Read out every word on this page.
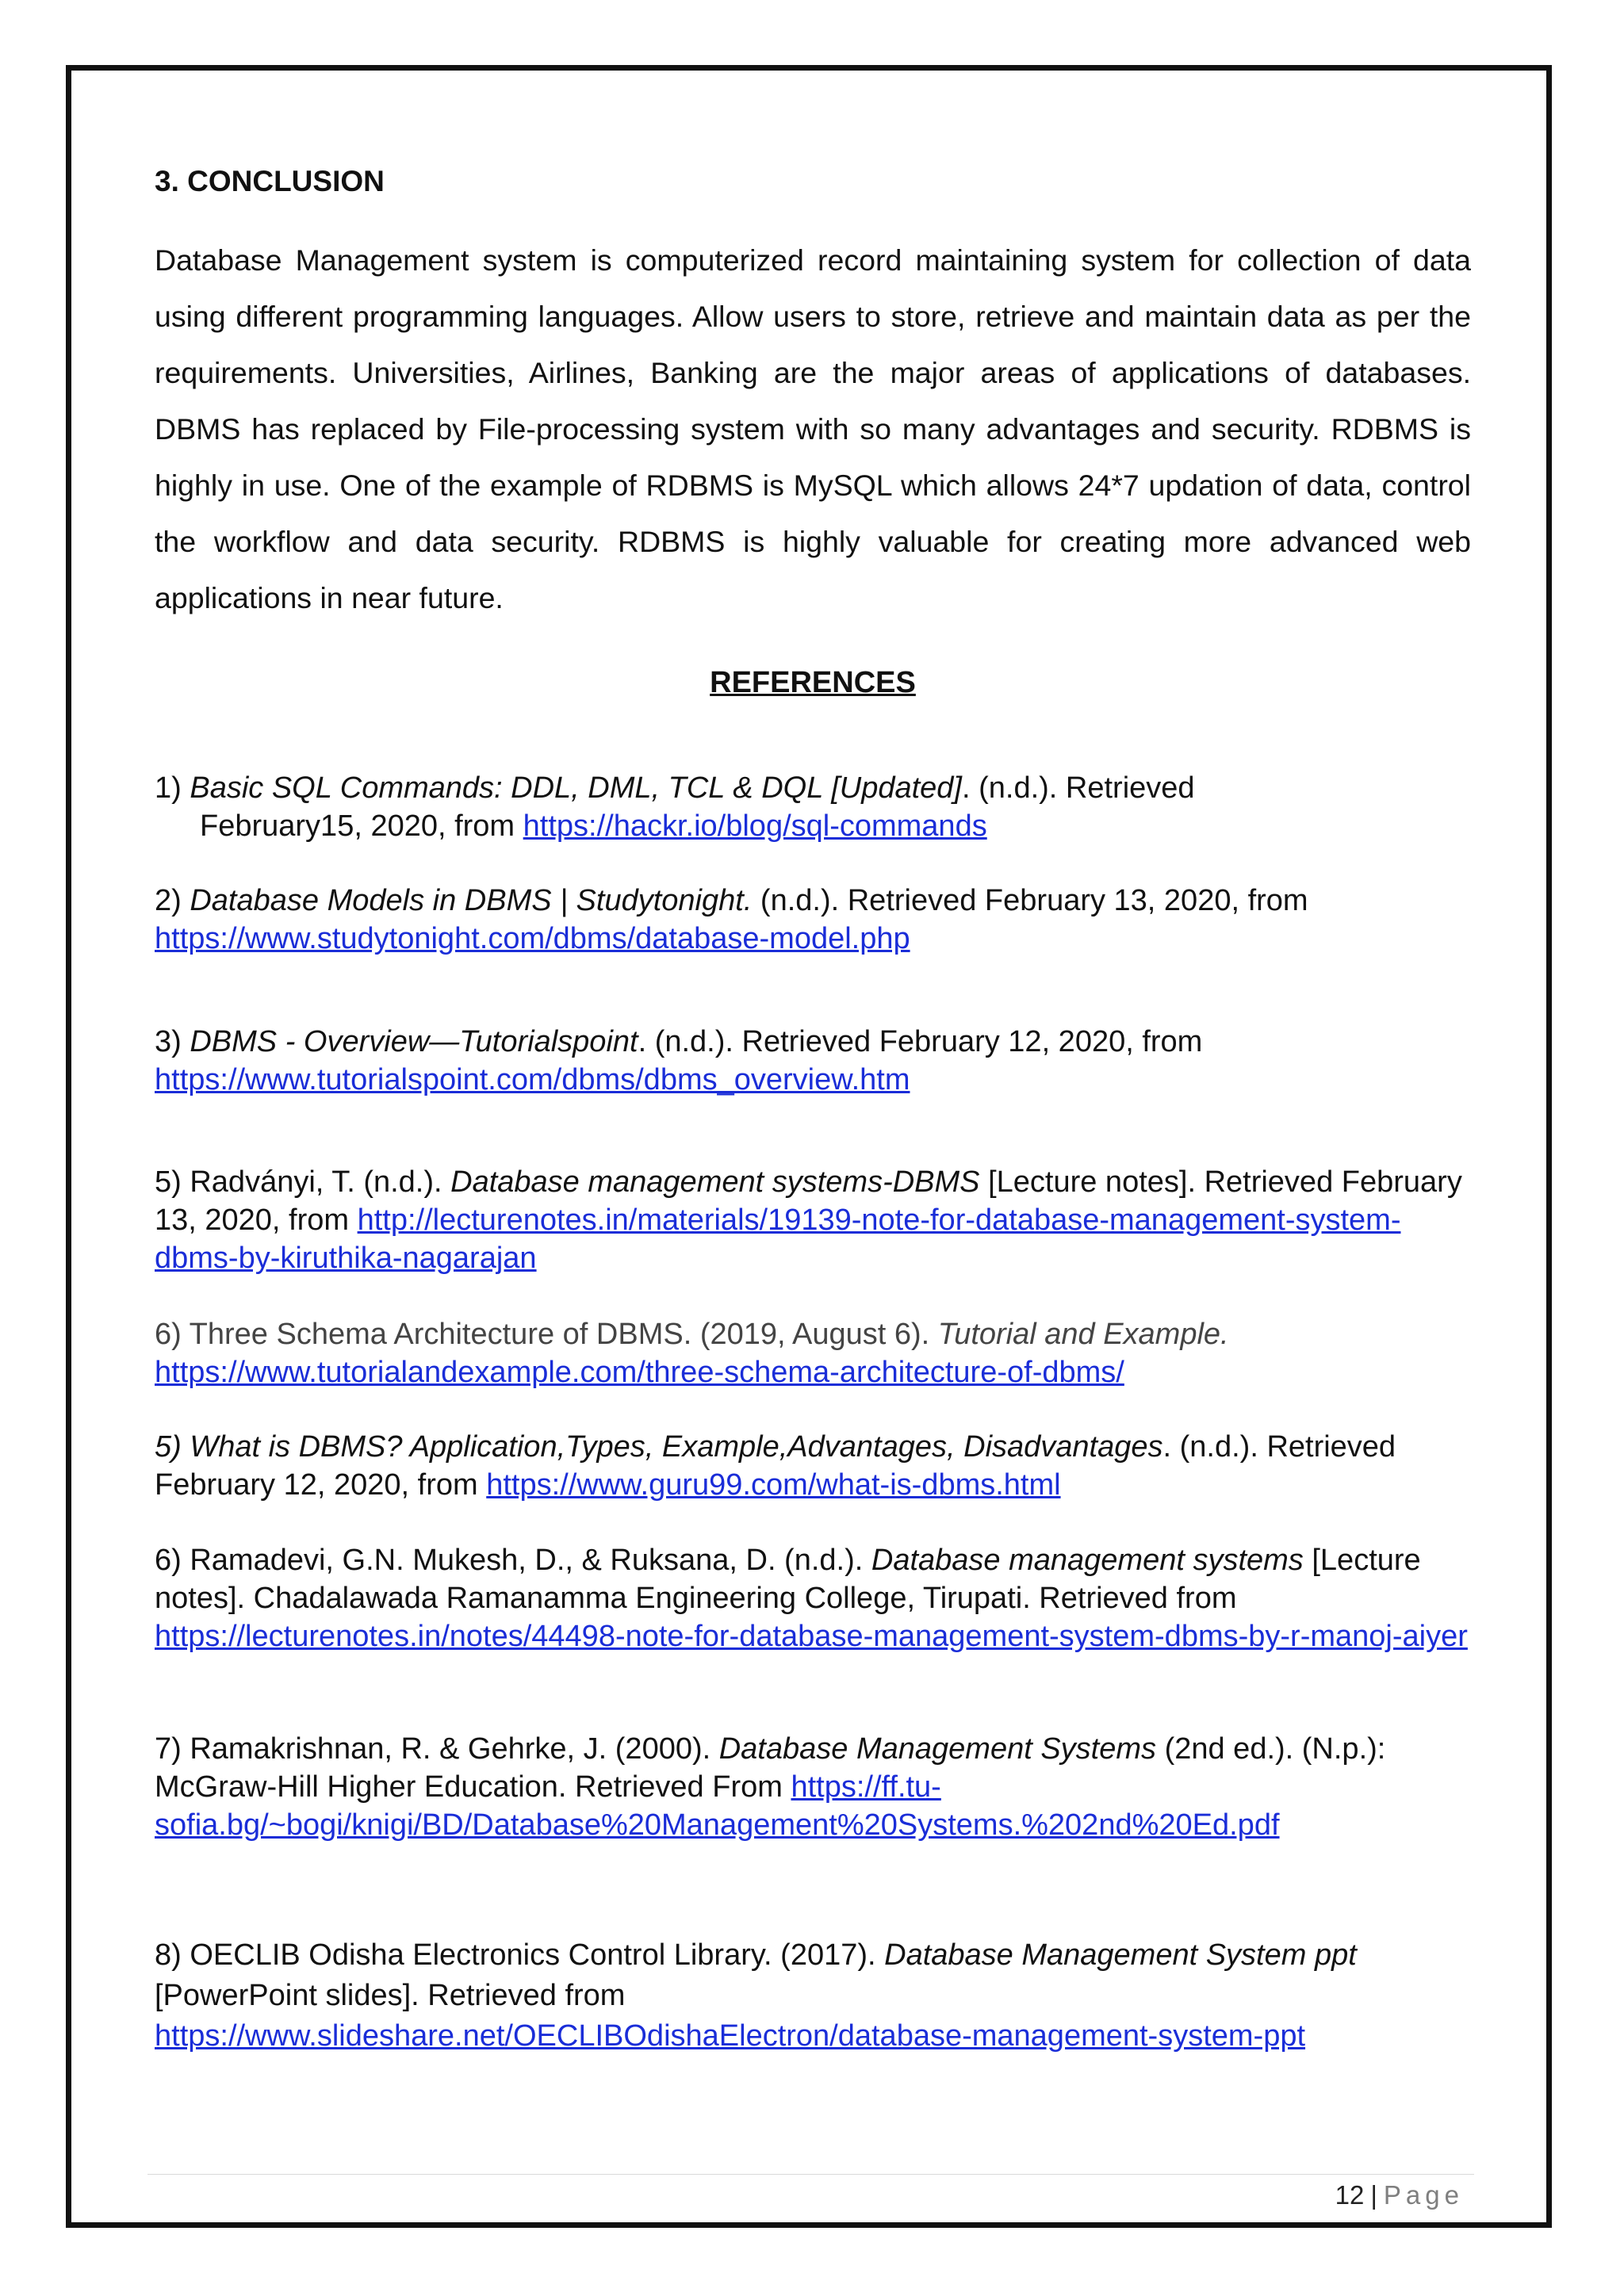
3. CONCLUSION

Database Management system is computerized record maintaining system for collection of data using different programming languages. Allow users to store, retrieve and maintain data as per the requirements. Universities, Airlines, Banking are the major areas of applications of databases. DBMS has replaced by File-processing system with so many advantages and security. RDBMS is highly in use. One of the example of RDBMS is MySQL which allows 24*7 updation of data, control the workflow and data security. RDBMS is highly valuable for creating more advanced web applications in near future.

REFERENCES

1) Basic SQL Commands: DDL, DML, TCL & DQL [Updated]. (n.d.). Retrieved
February15, 2020, from https://hackr.io/blog/sql-commands

2) Database Models in DBMS | Studytonight. (n.d.). Retrieved February 13, 2020, from
https://www.studytonight.com/dbms/database-model.php

3) DBMS - Overview—Tutorialspoint. (n.d.). Retrieved February 12, 2020, from
https://www.tutorialspoint.com/dbms/dbms_overview.htm

5) Radványi, T. (n.d.). Database management systems-DBMS [Lecture notes]. Retrieved February 13, 2020, from http://lecturenotes.in/materials/19139-note-for-database-management-system-dbms-by-kiruthika-nagarajan

6) Three Schema Architecture of DBMS. (2019, August 6). Tutorial and Example.
https://www.tutorialandexample.com/three-schema-architecture-of-dbms/

5) What is DBMS? Application,Types, Example,Advantages, Disadvantages. (n.d.). Retrieved February 12, 2020, from https://www.guru99.com/what-is-dbms.html

6) Ramadevi, G.N. Mukesh, D., & Ruksana, D. (n.d.). Database management systems [Lecture notes]. Chadalawada Ramanamma Engineering College, Tirupati. Retrieved from https://lecturenotes.in/notes/44498-note-for-database-management-system-dbms-by-r-manoj-aiyer

7) Ramakrishnan, R. & Gehrke, J. (2000). Database Management Systems (2nd ed.). (N.p.): McGraw-Hill Higher Education. Retrieved From https://ff.tu-sofia.bg/~bogi/knigi/BD/Database%20Management%20Systems.%202nd%20Ed.pdf

8) OECLIB Odisha Electronics Control Library. (2017). Database Management System ppt [PowerPoint slides]. Retrieved from
https://www.slideshare.net/OECLIBOdishaElectron/database-management-system-ppt

12 | Page
